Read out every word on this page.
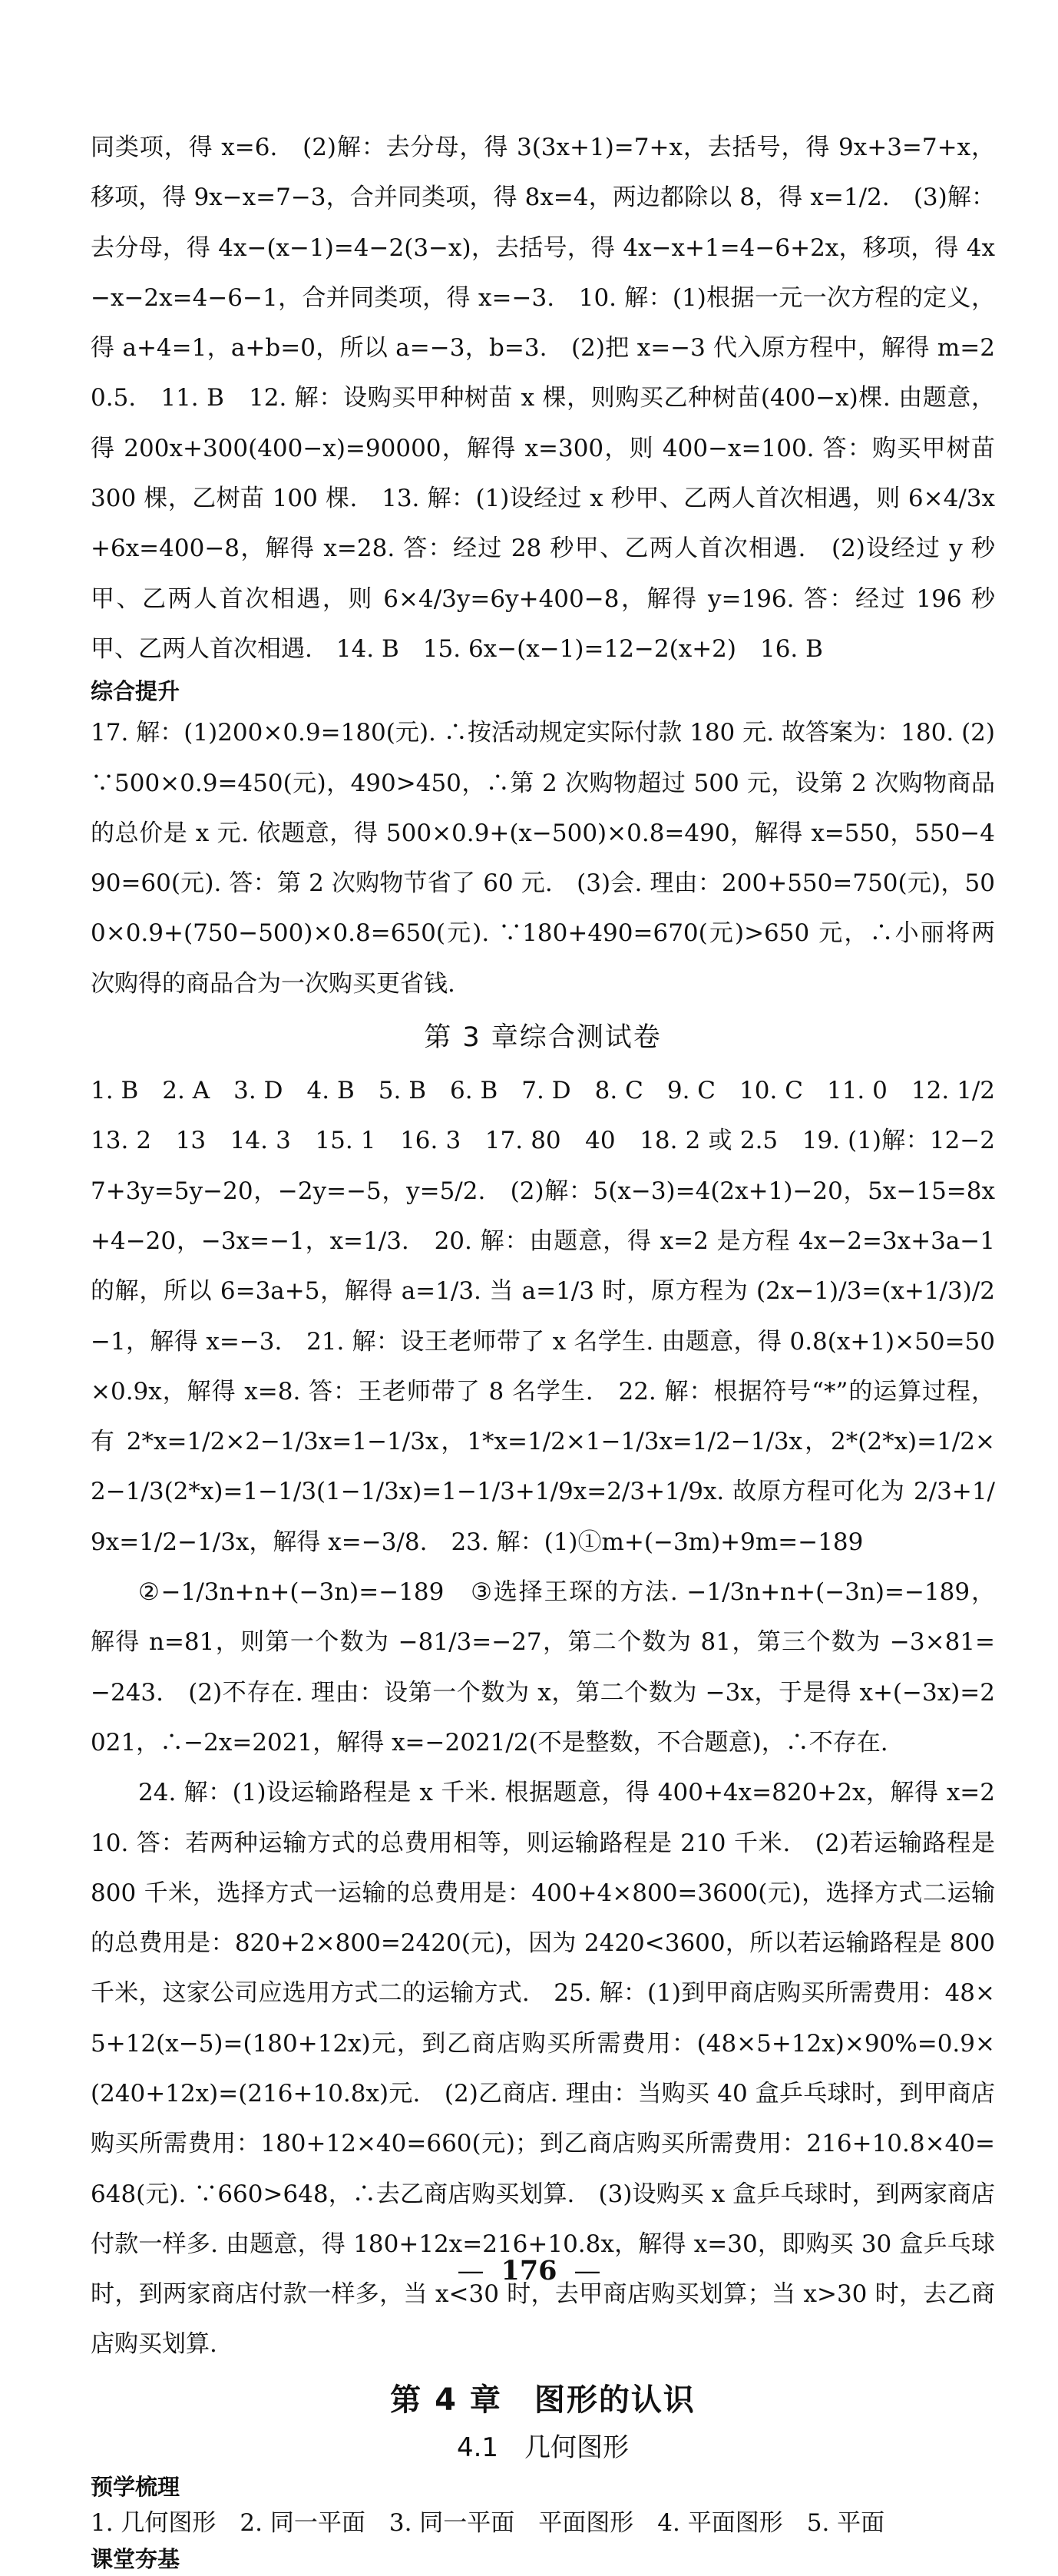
同类项，得 x=6.　(2)解：去分母，得 3(3x+1)=7+x，去括号，得 9x+3=7+x，移项，得 9x−x=7−3，合并同类项，得 8x=4，两边都除以 8，得 x=1/2.　(3)解：去分母，得 4x−(x−1)=4−2(3−x)，去括号，得 4x−x+1=4−6+2x，移项，得 4x−x−2x=4−6−1，合并同类项，得 x=−3.　10. 解：(1)根据一元一次方程的定义，得 a+4=1，a+b=0，所以 a=−3，b=3.　(2)把 x=−3 代入原方程中，解得 m=20.5.　11. B　12. 解：设购买甲种树苗 x 棵，则购买乙种树苗(400−x)棵. 由题意，得 200x+300(400−x)=90000，解得 x=300，则 400−x=100. 答：购买甲树苗 300 棵，乙树苗 100 棵.　13. 解：(1)设经过 x 秒甲、乙两人首次相遇，则 6×4/3x+6x=400−8，解得 x=28. 答：经过 28 秒甲、乙两人首次相遇.　(2)设经过 y 秒甲、乙两人首次相遇，则 6×4/3y=6y+400−8，解得 y=196. 答：经过 196 秒甲、乙两人首次相遇.　14. B　15. 6x−(x−1)=12−2(x+2)　16. B

综合提升

17. 解：(1)200×0.9=180(元). ∴按活动规定实际付款 180 元. 故答案为：180. (2)∵500×0.9=450(元)，490>450，∴第 2 次购物超过 500 元，设第 2 次购物商品的总价是 x 元. 依题意，得 500×0.9+(x−500)×0.8=490，解得 x=550，550−490=60(元). 答：第 2 次购物节省了 60 元.　(3)会. 理由：200+550=750(元)，500×0.9+(750−500)×0.8=650(元). ∵180+490=670(元)>650 元，∴小丽将两次购得的商品合为一次购买更省钱.

第 3 章综合测试卷

1. B　2. A　3. D　4. B　5. B　6. B　7. D　8. C　9. C　10. C　11. 0　12. 1/2　13. 2　13　14. 3　15. 1　16. 3　17. 80　40　18. 2 或 2.5　19. (1)解：12−27+3y=5y−20，−2y=−5，y=5/2.　(2)解：5(x−3)=4(2x+1)−20，5x−15=8x+4−20，−3x=−1，x=1/3.　20. 解：由题意，得 x=2 是方程 4x−2=3x+3a−1 的解，所以 6=3a+5，解得 a=1/3. 当 a=1/3 时，原方程为 (2x−1)/3=(x+1/3)/2−1，解得 x=−3.　21. 解：设王老师带了 x 名学生. 由题意，得 0.8(x+1)×50=50×0.9x，解得 x=8. 答：王老师带了 8 名学生.　22. 解：根据符号“*”的运算过程，有 2*x=1/2×2−1/3x=1−1/3x，1*x=1/2×1−1/3x=1/2−1/3x，2*(2*x)=1/2×2−1/3(2*x)=1−1/3(1−1/3x)=1−1/3+1/9x=2/3+1/9x. 故原方程可化为 2/3+1/9x=1/2−1/3x，解得 x=−3/8.　23. 解：(1)①m+(−3m)+9m=−189

②−1/3n+n+(−3n)=−189　③选择王琛的方法. −1/3n+n+(−3n)=−189，解得 n=81，则第一个数为 −81/3=−27，第二个数为 81，第三个数为 −3×81=−243.　(2)不存在. 理由：设第一个数为 x，第二个数为 −3x，于是得 x+(−3x)=2021，∴−2x=2021，解得 x=−2021/2(不是整数，不合题意)，∴不存在.

24. 解：(1)设运输路程是 x 千米. 根据题意，得 400+4x=820+2x，解得 x=210. 答：若两种运输方式的总费用相等，则运输路程是 210 千米.　(2)若运输路程是 800 千米，选择方式一运输的总费用是：400+4×800=3600(元)，选择方式二运输的总费用是：820+2×800=2420(元)，因为 2420<3600，所以若运输路程是 800 千米，这家公司应选用方式二的运输方式.　25. 解：(1)到甲商店购买所需费用：48×5+12(x−5)=(180+12x)元，到乙商店购买所需费用：(48×5+12x)×90%=0.9×(240+12x)=(216+10.8x)元.　(2)乙商店. 理由：当购买 40 盒乒乓球时，到甲商店购买所需费用：180+12×40=660(元)；到乙商店购买所需费用：216+10.8×40=648(元). ∵660>648，∴去乙商店购买划算.　(3)设购买 x 盒乒乓球时，到两家商店付款一样多. 由题意，得 180+12x=216+10.8x，解得 x=30，即购买 30 盒乒乓球时，到两家商店付款一样多，当 x<30 时，去甲商店购买划算；当 x>30 时，去乙商店购买划算.

第 4 章　图形的认识

4.1　几何图形

预学梳理

1. 几何图形　2. 同一平面　3. 同一平面　平面图形　4. 平面图形　5. 平面

课堂夯基

— 176 —
